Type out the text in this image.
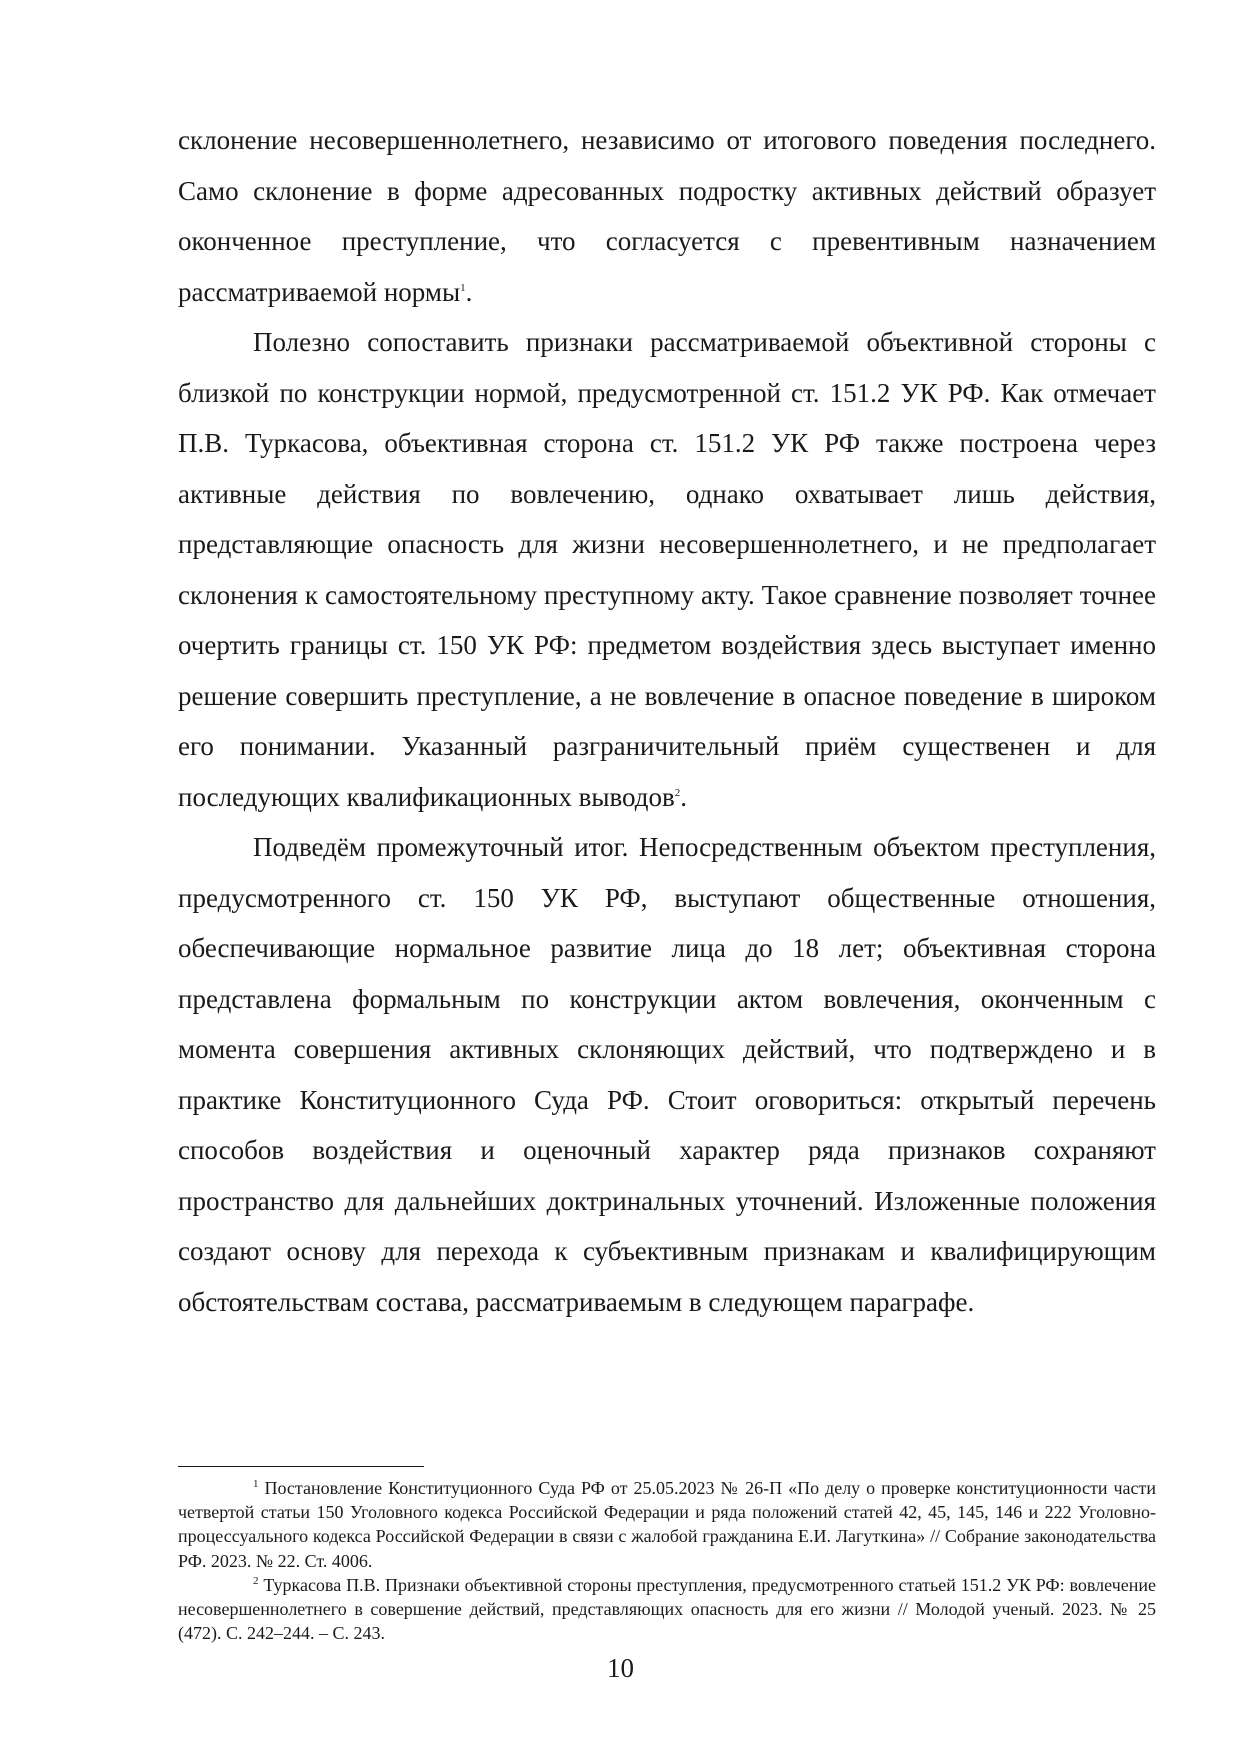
склонение несовершеннолетнего, независимо от итогового поведения последнего. Само склонение в форме адресованных подростку активных действий образует оконченное преступление, что согласуется с превентивным назначением рассматриваемой нормы$^1$.

Полезно сопоставить признаки рассматриваемой объективной стороны с близкой по конструкции нормой, предусмотренной ст. 151.2 УК РФ. Как отмечает П.В. Туркасова, объективная сторона ст. 151.2 УК РФ также построена через активные действия по вовлечению, однако охватывает лишь действия, представляющие опасность для жизни несовершеннолетнего, и не предполагает склонения к самостоятельному преступному акту. Такое сравнение позволяет точнее очертить границы ст. 150 УК РФ: предметом воздействия здесь выступает именно решение совершить преступление, а не вовлечение в опасное поведение в широком его понимании. Указанный разграничительный приём существенен и для последующих квалификационных выводов$^2$.

Подведём промежуточный итог. Непосредственным объектом преступления, предусмотренного ст. 150 УК РФ, выступают общественные отношения, обеспечивающие нормальное развитие лица до 18 лет; объективная сторона представлена формальным по конструкции актом вовлечения, оконченным с момента совершения активных склоняющих действий, что подтверждено и в практике Конституционного Суда РФ. Стоит оговориться: открытый перечень способов воздействия и оценочный характер ряда признаков сохраняют пространство для дальнейших доктринальных уточнений. Изложенные положения создают основу для перехода к субъективным признакам и квалифицирующим обстоятельствам состава, рассматриваемым в следующем параграфе.

$^1$ Постановление Конституционного Суда РФ от 25.05.2023 № 26-П «По делу о проверке конституционности части четвертой статьи 150 Уголовного кодекса Российской Федерации и ряда положений статей 42, 45, 145, 146 и 222 Уголовно-процессуального кодекса Российской Федерации в связи с жалобой гражданина Е.И. Лагуткина» // Собрание законодательства РФ. 2023. № 22. Ст. 4006.

$^2$ Туркасова П.В. Признаки объективной стороны преступления, предусмотренного статьей 151.2 УК РФ: вовлечение несовершеннолетнего в совершение действий, представляющих опасность для его жизни // Молодой ученый. 2023. № 25 (472). С. 242–244. – С. 243.

10
